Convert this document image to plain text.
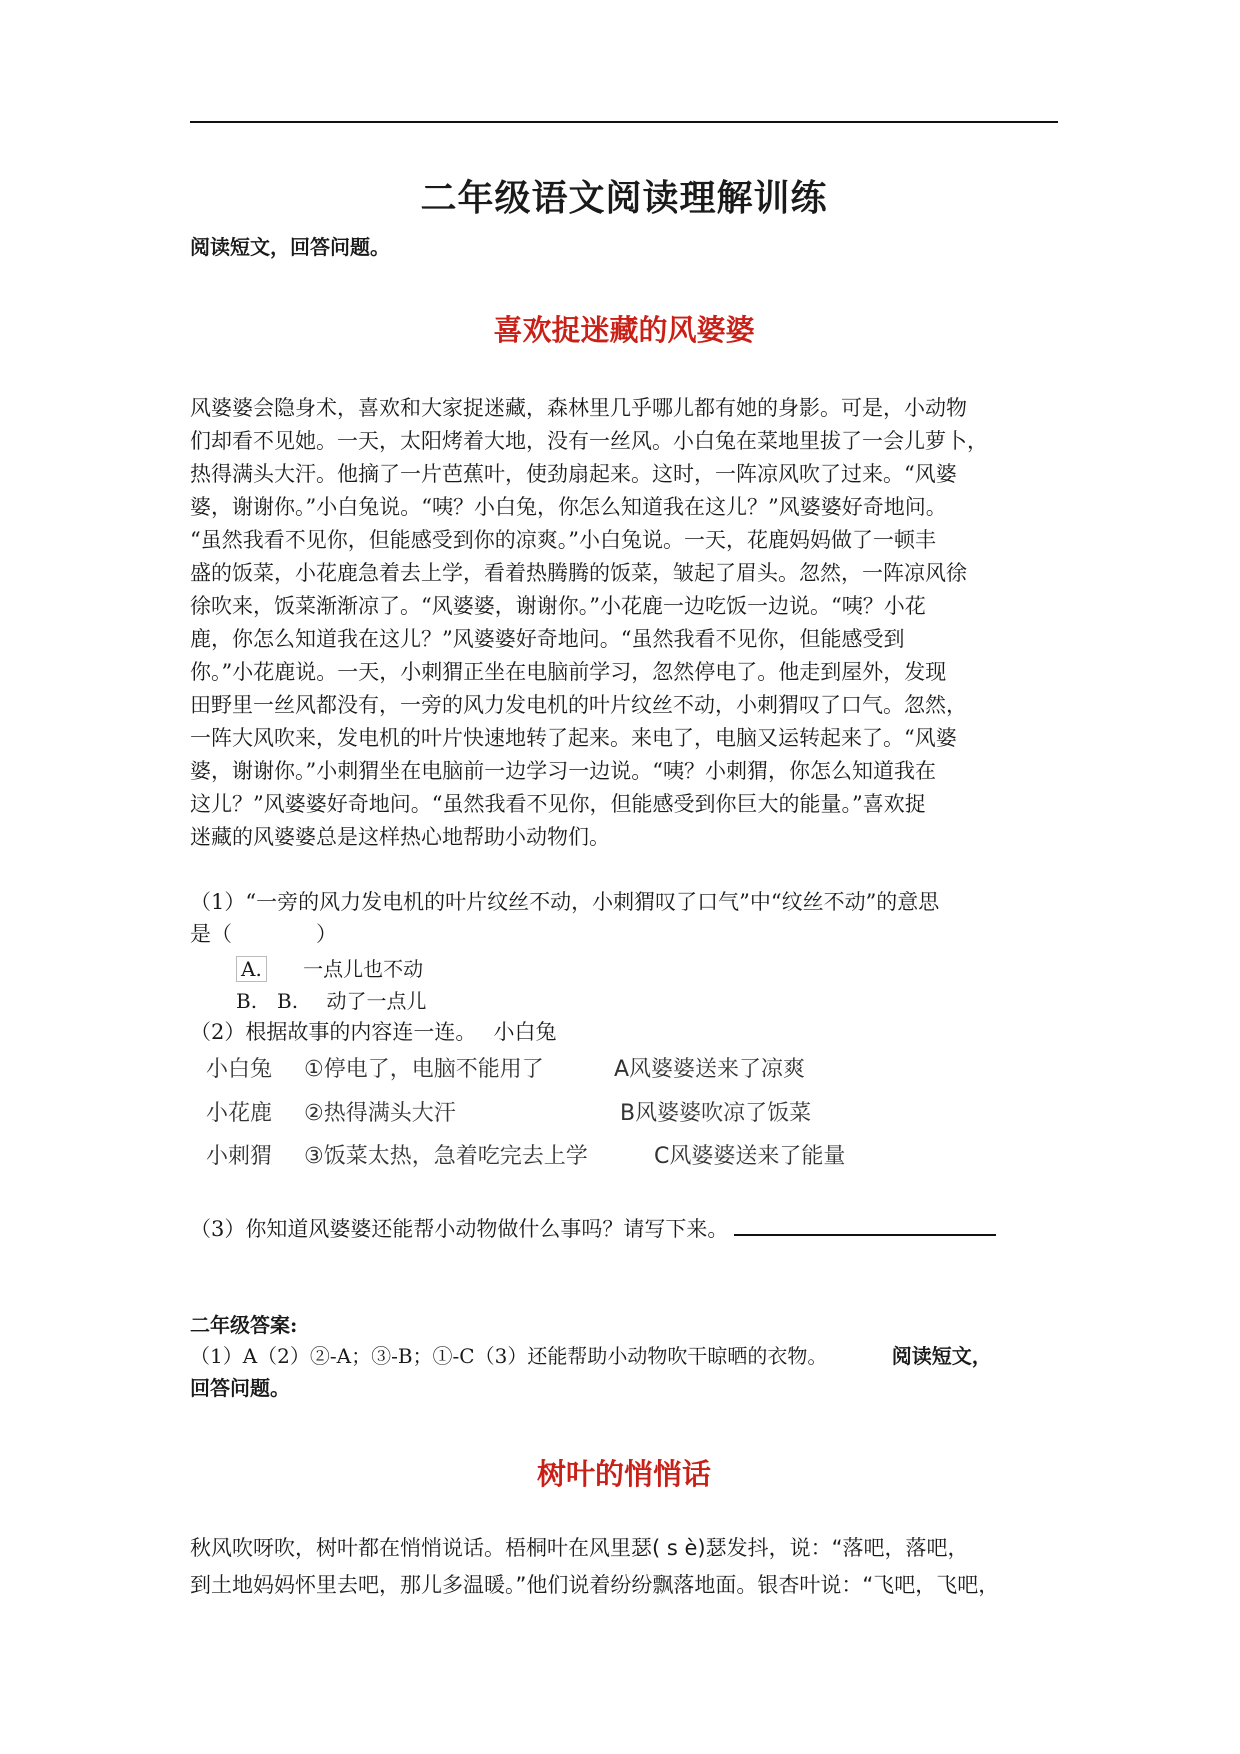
二年级语文阅读理解训练
阅读短文，回答问题。
喜欢捉迷藏的风婆婆

风婆婆会隐身术，喜欢和大家捉迷藏，森林里几乎哪儿都有她的身影。可是，小动物

们却看不见她。一天，太阳烤着大地，没有一丝风。小白兔在菜地里拔了一会儿萝卜，

热得满头大汗。他摘了一片芭蕉叶，使劲扇起来。这时，一阵凉风吹了过来。“风婆

婆，谢谢你。”小白兔说。“咦？小白兔，你怎么知道我在这儿？”风婆婆好奇地问。

“虽然我看不见你，但能感受到你的凉爽。”小白兔说。一天，花鹿妈妈做了一顿丰

盛的饭菜，小花鹿急着去上学，看着热腾腾的饭菜，皱起了眉头。忽然，一阵凉风徐

徐吹来，饭菜渐渐凉了。“风婆婆，谢谢你。”小花鹿一边吃饭一边说。“咦？小花

鹿，你怎么知道我在这儿？”风婆婆好奇地问。“虽然我看不见你，但能感受到

你。”小花鹿说。一天，小刺猬正坐在电脑前学习，忽然停电了。他走到屋外，发现

田野里一丝风都没有，一旁的风力发电机的叶片纹丝不动，小刺猬叹了口气。忽然，

一阵大风吹来，发电机的叶片快速地转了起来。来电了，电脑又运转起来了。“风婆

婆，谢谢你。”小刺猬坐在电脑前一边学习一边说。“咦？小刺猬，你怎么知道我在

这儿？”风婆婆好奇地问。“虽然我看不见你，但能感受到你巨大的能量。”喜欢捉

迷藏的风婆婆总是这样热心地帮助小动物们。

（1）“一旁的风力发电机的叶片纹丝不动，小刺猬叹了口气”中“纹丝不动”的意思
是（　　　　）
A. 一点儿也不动
B.　B. 动了一点儿
（2）根据故事的内容连一连。　 小白兔
小白兔 ①停电了，电脑不能用了	A风婆婆送来了凉爽
小花鹿 ②热得满头大汗	B风婆婆吹凉了饭菜
小刺猬 ③饭菜太热，急着吃完去上学	C风婆婆送来了能量
（3）你知道风婆婆还能帮小动物做什么事吗？请写下来。
二年级答案:

（1）A（2）②-A；③-B；①-C（3）还能帮助小动物吹干晾晒的衣物。	阅读短文，

回答问题。

树叶的悄悄话

秋风吹呀吹，树叶都在悄悄说话。梧桐叶在风里瑟( s è)瑟发抖，说：“落吧，落吧，

到土地妈妈怀里去吧，那儿多温暖。”他们说着纷纷飘落地面。银杏叶说：“飞吧，飞吧，
